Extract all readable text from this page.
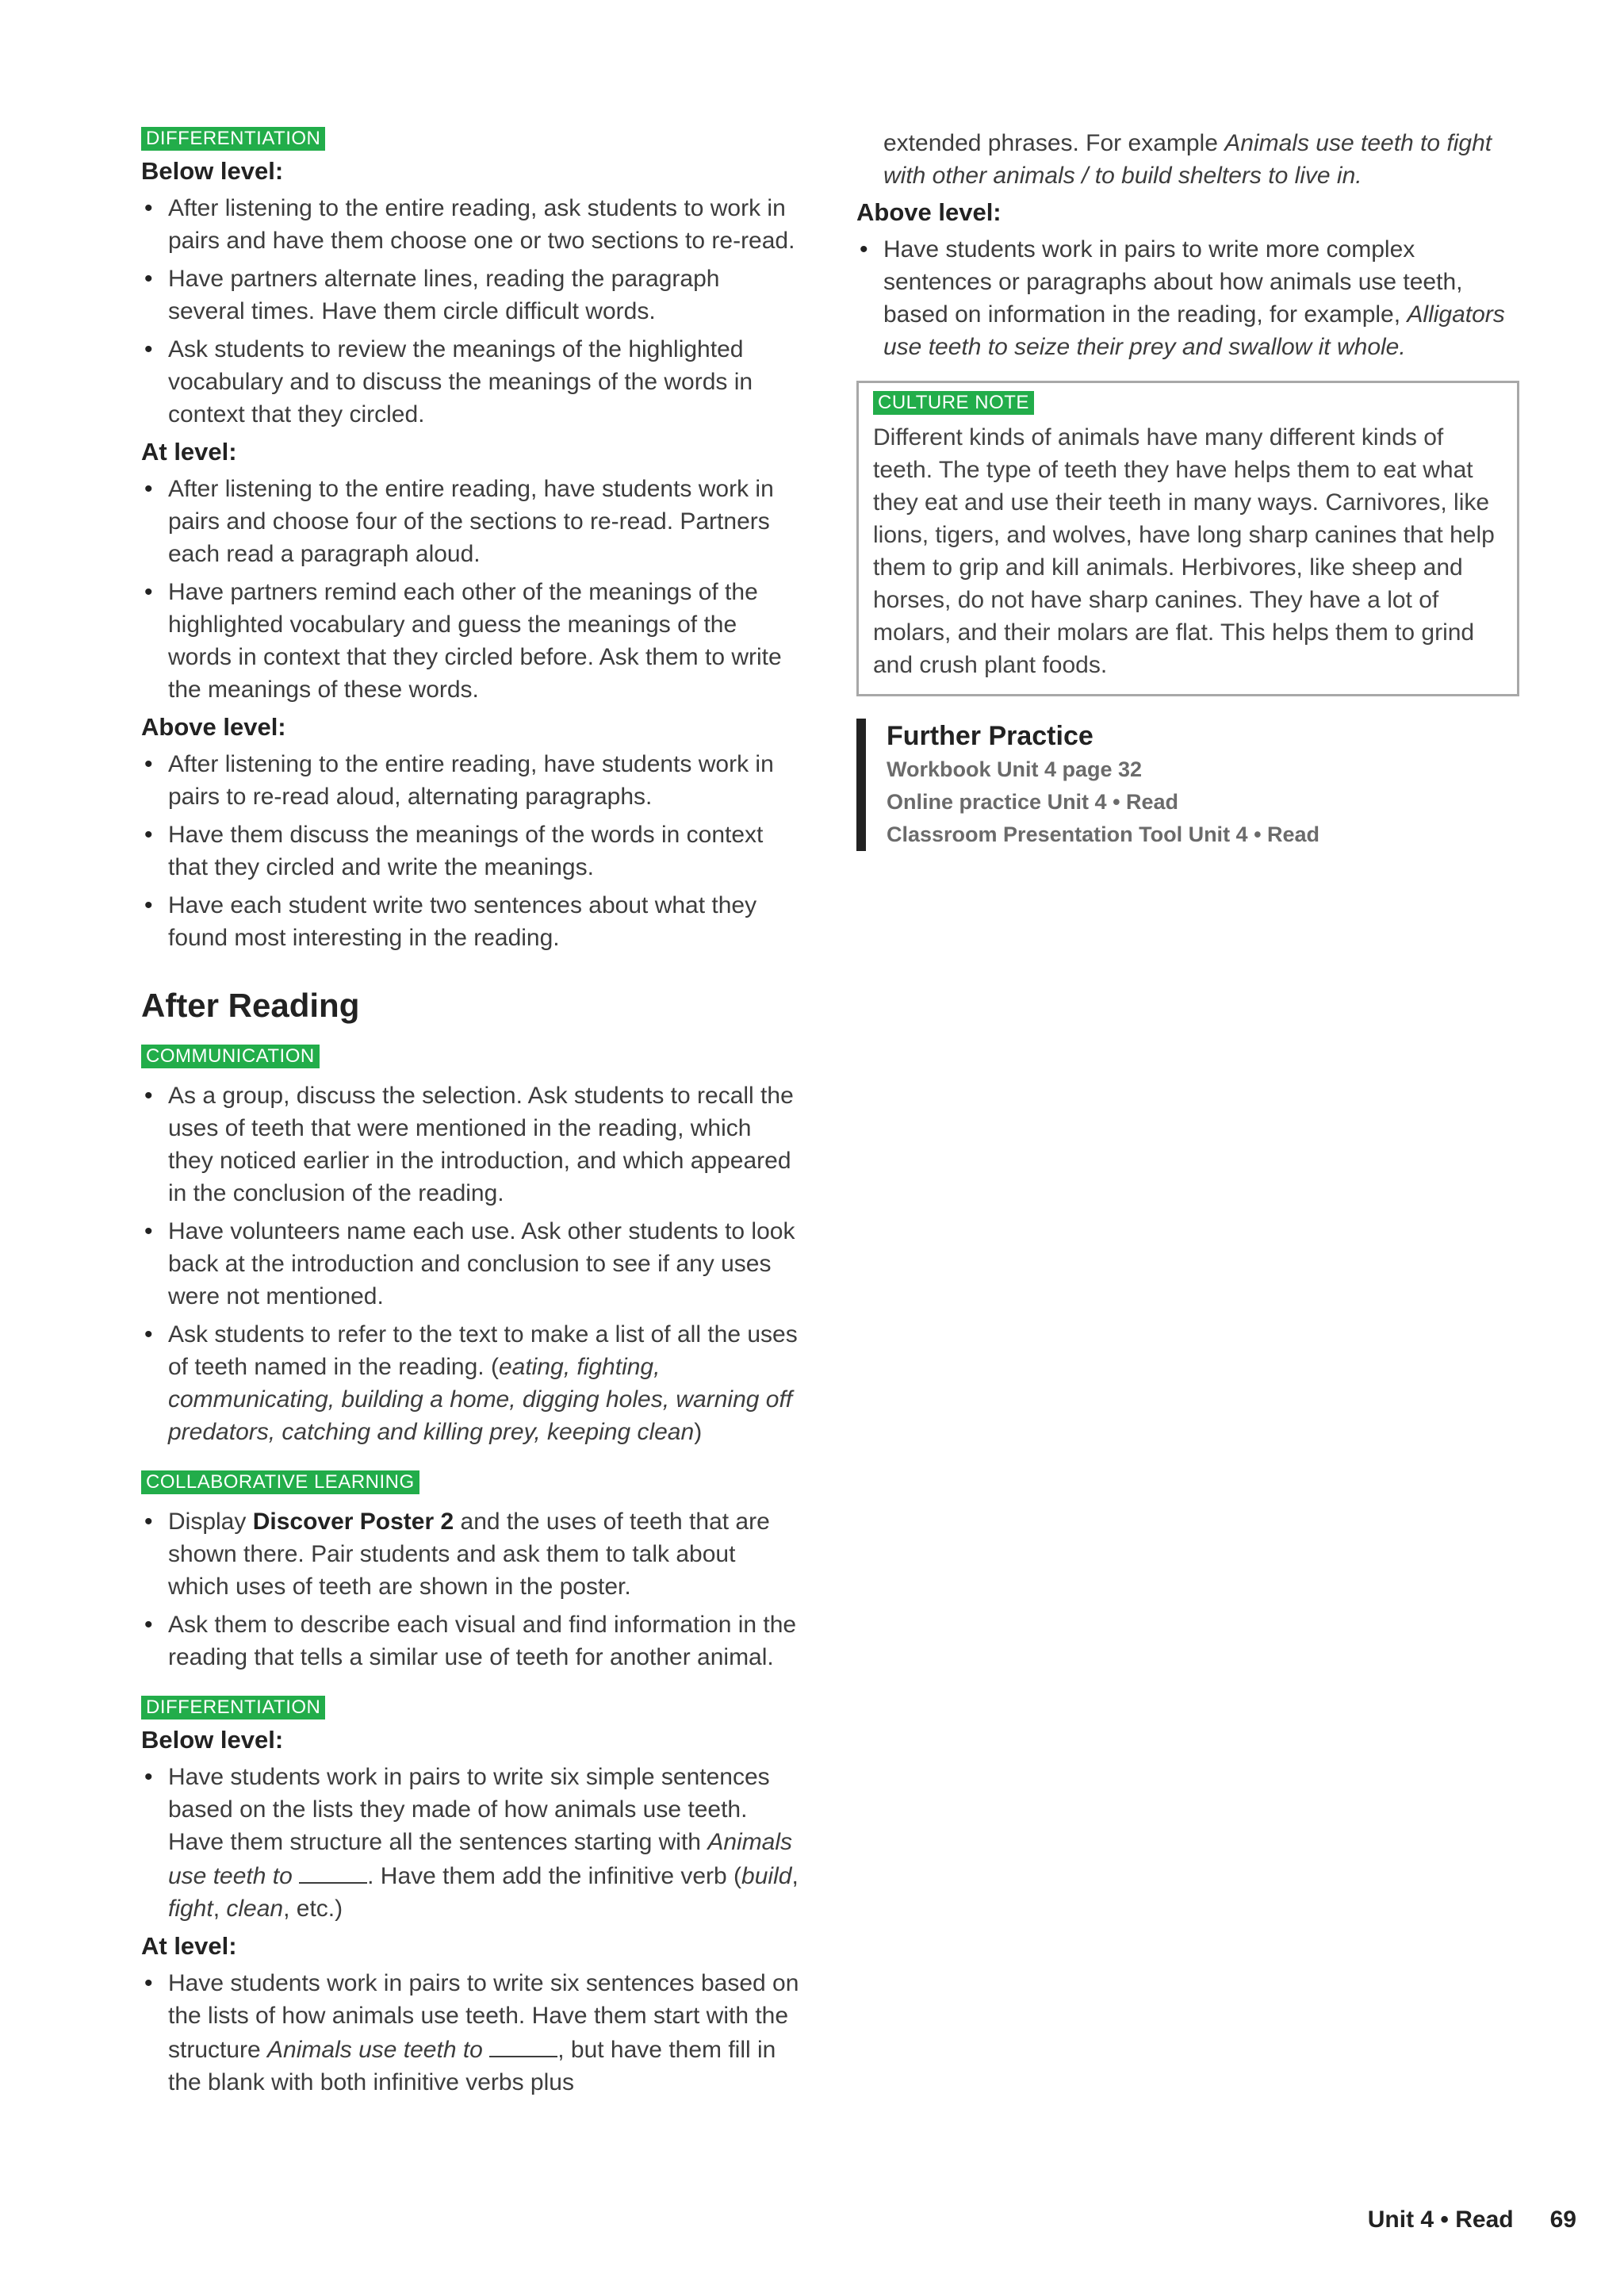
DIFFERENTIATION
Below level:
• After listening to the entire reading, ask students to work in pairs and have them choose one or two sections to re-read.
• Have partners alternate lines, reading the paragraph several times. Have them circle difficult words.
• Ask students to review the meanings of the highlighted vocabulary and to discuss the meanings of the words in context that they circled.
At level:
• After listening to the entire reading, have students work in pairs and choose four of the sections to re-read. Partners each read a paragraph aloud.
• Have partners remind each other of the meanings of the highlighted vocabulary and guess the meanings of the words in context that they circled before. Ask them to write the meanings of these words.
Above level:
• After listening to the entire reading, have students work in pairs to re-read aloud, alternating paragraphs.
• Have them discuss the meanings of the words in context that they circled and write the meanings.
• Have each student write two sentences about what they found most interesting in the reading.
After Reading
COMMUNICATION
• As a group, discuss the selection. Ask students to recall the uses of teeth that were mentioned in the reading, which they noticed earlier in the introduction, and which appeared in the conclusion of the reading.
• Have volunteers name each use. Ask other students to look back at the introduction and conclusion to see if any uses were not mentioned.
• Ask students to refer to the text to make a list of all the uses of teeth named in the reading. (eating, fighting, communicating, building a home, digging holes, warning off predators, catching and killing prey, keeping clean)
COLLABORATIVE LEARNING
• Display Discover Poster 2 and the uses of teeth that are shown there. Pair students and ask them to talk about which uses of teeth are shown in the poster.
• Ask them to describe each visual and find information in the reading that tells a similar use of teeth for another animal.
DIFFERENTIATION
Below level:
• Have students work in pairs to write six simple sentences based on the lists they made of how animals use teeth. Have them structure all the sentences starting with Animals use teeth to	. Have them add the infinitive verb (build, fight, clean, etc.)
At level:
• Have students work in pairs to write six sentences based on the lists of how animals use teeth. Have them start with the structure Animals use teeth to	, but have them fill in the blank with both infinitive verbs plus
extended phrases. For example Animals use teeth to fight with other animals / to build shelters to live in.
Above level:
• Have students work in pairs to write more complex sentences or paragraphs about how animals use teeth, based on information in the reading, for example, Alligators use teeth to seize their prey and swallow it whole.
CULTURE NOTE
Different kinds of animals have many different kinds of teeth. The type of teeth they have helps them to eat what they eat and use their teeth in many ways. Carnivores, like lions, tigers, and wolves, have long sharp canines that help them to grip and kill animals. Herbivores, like sheep and horses, do not have sharp canines. They have a lot of molars, and their molars are flat. This helps them to grind and crush plant foods.
Further Practice
Workbook Unit 4 page 32
Online practice Unit 4 • Read
Classroom Presentation Tool Unit 4 • Read
Unit 4 • Read 69
